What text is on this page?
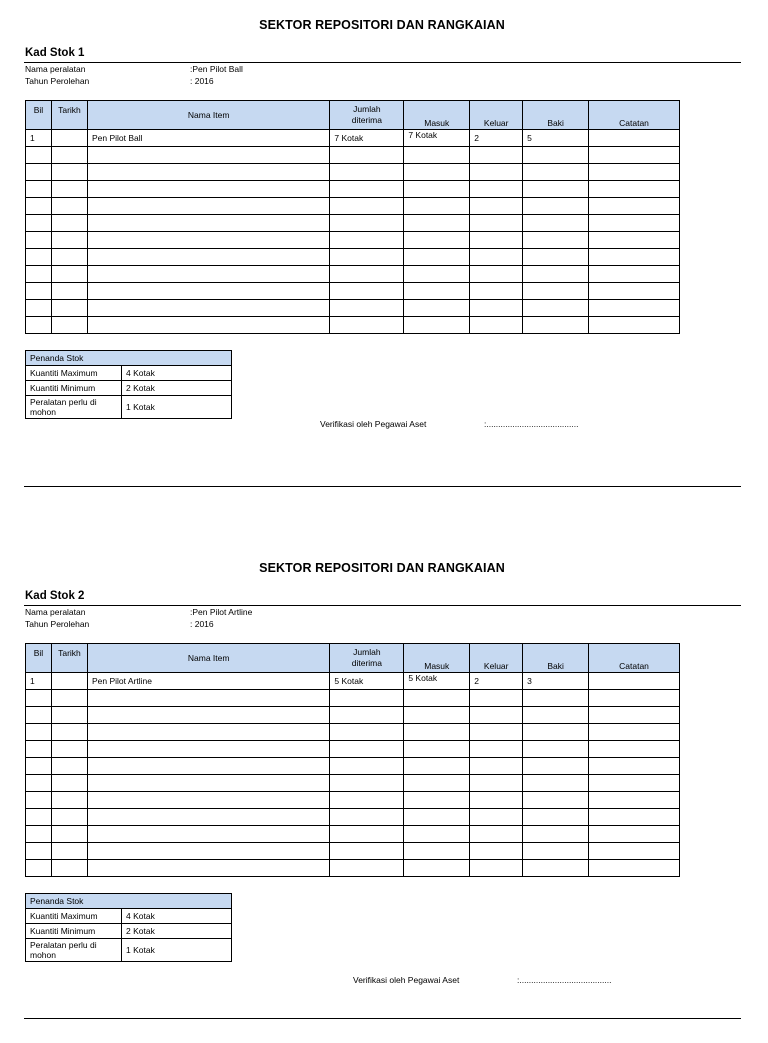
SEKTOR REPOSITORI DAN RANGKAIAN
Kad Stok 1
Nama peralatan	:Pen Pilot Ball
Tahun Perolehan	: 2016
Bil	Tarikh	Nama Item	Jumlah
diterima	Masuk	Keluar	Baki	Catatan
1		Pen Pilot Ball	7 Kotak	7 Kotak	2	5	

Penanda Stok	
Kuantiti Maximum	4 Kotak
Kuantiti Minimum	2 Kotak
Peralatan perlu di
mohon	1 Kotak
Verifikasi oleh Pegawai Aset	:.......................................
SEKTOR REPOSITORI DAN RANGKAIAN
Kad Stok 2
Nama peralatan	:Pen Pilot Artline
Tahun Perolehan	: 2016
Bil	Tarikh	Nama Item	Jumlah
diterima	Masuk	Keluar	Baki	Catatan
1		Pen Pilot Artline	5 Kotak	5 Kotak	2	3	

Penanda Stok	
Kuantiti Maximum	4 Kotak
Kuantiti Minimum	2 Kotak
Peralatan perlu di
mohon	1 Kotak
Verifikasi oleh Pegawai Aset	:.......................................
